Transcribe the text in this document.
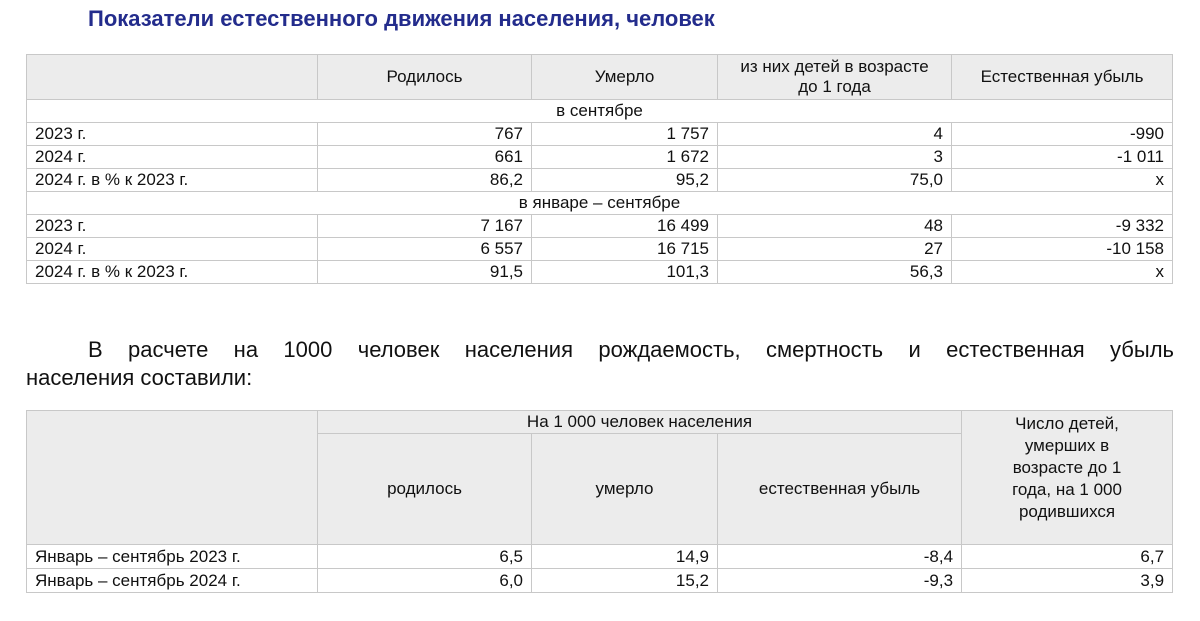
Показатели естественного движения населения, человек
	Родилось	Умерло	из них детей в возрасте до 1 года	Естественная убыль
в сентябре				
2023 г.	767	1 757	4	-990
2024 г.	661	1 672	3	-1 011
2024 г. в % к 2023 г.	86,2	95,2	75,0	х
в январе – сентябре				
2023 г.	7 167	16 499	48	-9 332
2024 г.	6 557	16 715	27	-10 158
2024 г. в % к 2023 г.	91,5	101,3	56,3	х
В расчете на 1000 человек населения рождаемость, смертность и естественная убыль
населения составили:
	На 1 000 человек населения			Число детей, умерших в возрасте до 1 года, на 1 000 родившихся
	родилось	умерло	естественная убыль	
Январь – сентябрь 2023 г.	6,5	14,9	-8,4	6,7
Январь – сентябрь 2024 г.	6,0	15,2	-9,3	3,9
